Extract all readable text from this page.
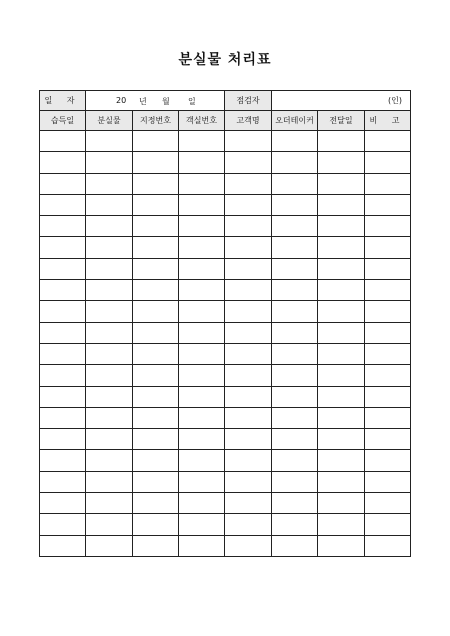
분실물 처리표
일 자	20 년 월 일			점검자	(인)		
습득일	분실물	지정번호	객실번호	고객명	오더테이커	전달일	비 고
